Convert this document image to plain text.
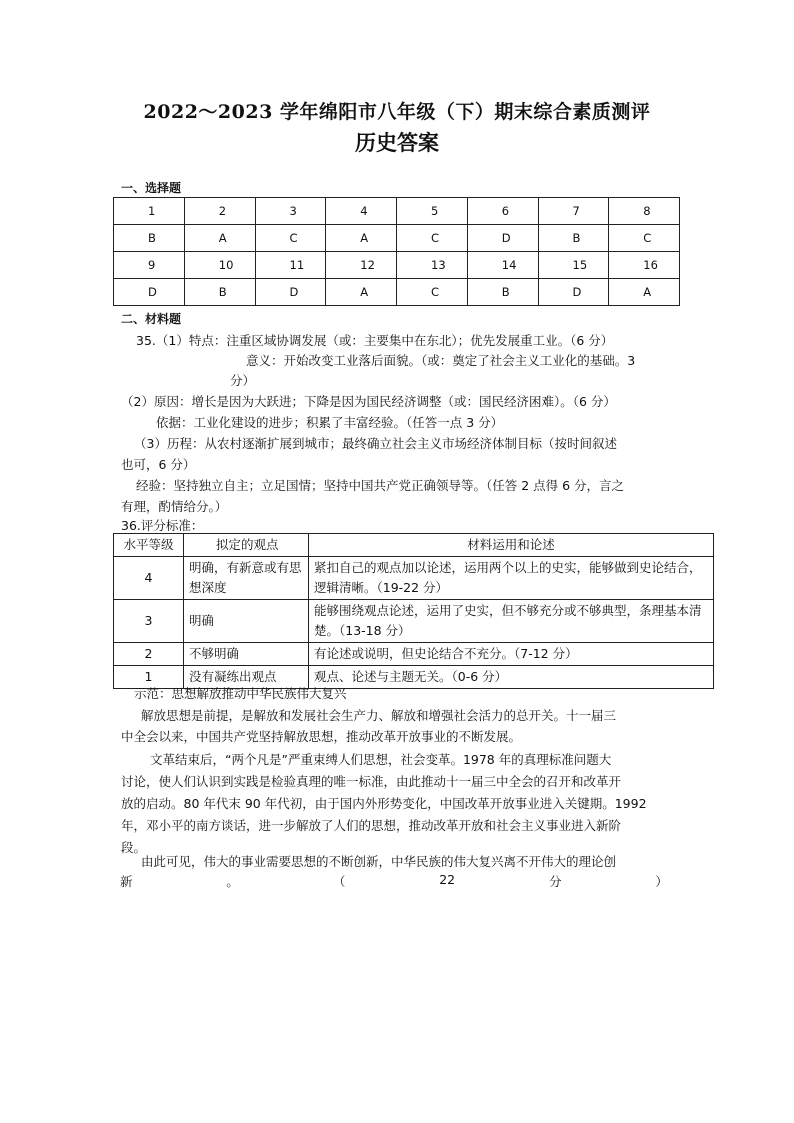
2022～2023 学年绵阳市八年级（下）期末综合素质测评
历史答案
一、选择题
1	2	3	4	5	6	7	8
B	A	C	A	C	D	B	C
9	10	11	12	13	14	15	16
D	B	D	A	C	B	D	A
二、材料题
35.（1）特点：注重区域协调发展（或：主要集中在东北）；优先发展重工业。（6 分）
意义：开始改变工业落后面貌。（或：奠定了社会主义工业化的基础。3
分）
（2）原因：增长是因为大跃进；下降是因为国民经济调整（或：国民经济困难）。（6 分）
依据：工业化建设的进步；积累了丰富经验。（任答一点 3 分）
（3）历程：从农村逐渐扩展到城市；最终确立社会主义市场经济体制目标（按时间叙述
也可，6 分）
经验：坚持独立自主；立足国情；坚持中国共产党正确领导等。（任答 2 点得 6 分，言之
有理，酌情给分。）
36.评分标准：
水平等级	拟定的观点	材料运用和论述
4	明确，有新意或有思想深度	紧扣自己的观点加以论述，运用两个以上的史实，能够做到史论结合，逻辑清晰。（19-22 分）
3	明确	能够围绕观点论述，运用了史实，但不够充分或不够典型，条理基本清楚。（13-18 分）
2	不够明确	有论述或说明，但史论结合不充分。（7-12 分）
1	没有凝练出观点	观点、论述与主题无关。（0-6 分）
示范：思想解放推动中华民族伟大复兴
解放思想是前提，是解放和发展社会生产力、解放和增强社会活力的总开关。十一届三
中全会以来，中国共产党坚持解放思想，推动改革开放事业的不断发展。
文革结束后，“两个凡是”严重束缚人们思想，社会变革。1978 年的真理标准问题大
讨论，使人们认识到实践是检验真理的唯一标准，由此推动十一届三中全会的召开和改革开
放的启动。80 年代末 90 年代初，由于国内外形势变化，中国改革开放事业进入关键期。1992
年，邓小平的南方谈话，进一步解放了人们的思想，推动改革开放和社会主义事业进入新阶
段。
由此可见，伟大的事业需要思想的不断创新，中华民族的伟大复兴离不开伟大的理论创
新	。	（	22	分	）
